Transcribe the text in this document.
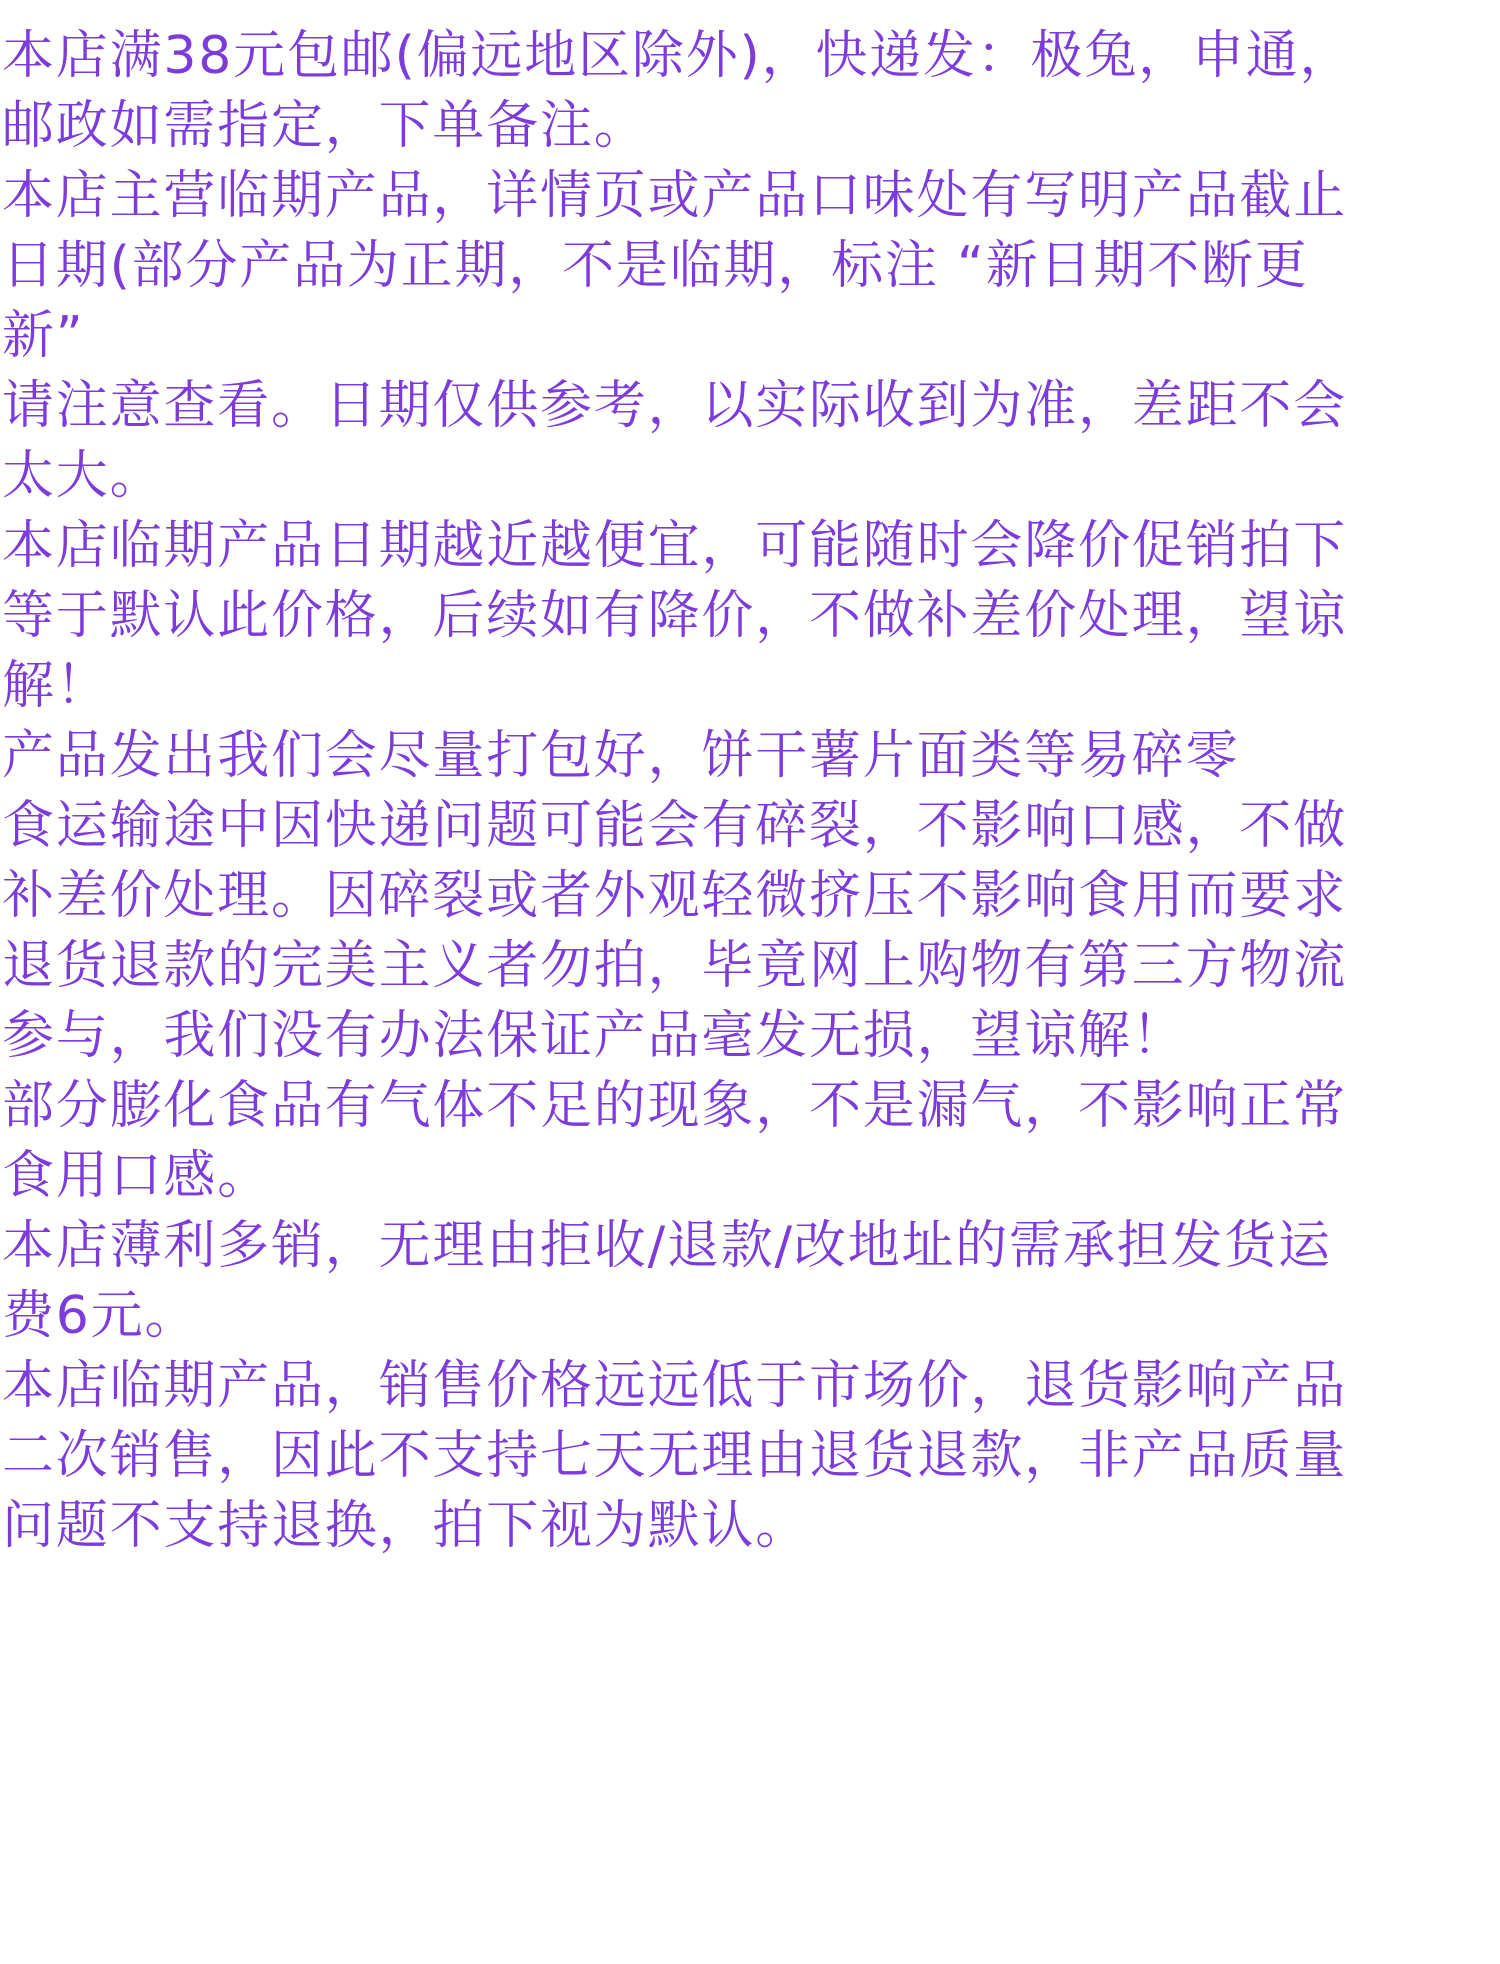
本店满38元包邮(偏远地区除外)，快递发：极兔，申通，
邮政如需指定，下单备注。
本店主营临期产品，详情页或产品口味处有写明产品截止
日期(部分产品为正期，不是临期，标注 “新日期不断更
新”
请注意查看。日期仅供参考，以实际收到为准，差距不会
太大。
本店临期产品日期越近越便宜，可能随时会降价促销拍下
等于默认此价格，后续如有降价，不做补差价处理，望谅
解！
产品发出我们会尽量打包好，饼干薯片面类等易碎零
食运输途中因快递问题可能会有碎裂，不影响口感，不做
补差价处理。因碎裂或者外观轻微挤压不影响食用而要求
退货退款的完美主义者勿拍，毕竟网上购物有第三方物流
参与，我们没有办法保证产品毫发无损，望谅解！
部分膨化食品有气体不足的现象，不是漏气，不影响正常
食用口感。
本店薄利多销，无理由拒收/退款/改地址的需承担发货运
费6元。
本店临期产品，销售价格远远低于市场价，退货影响产品
二次销售，因此不支持七天无理由退货退歀，非产品质量
问题不支持退换，拍下视为默认。
